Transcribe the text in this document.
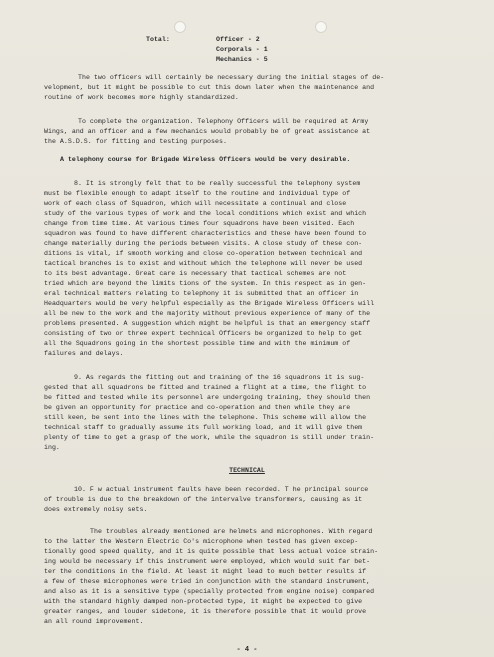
Total:	Officer - 2
Corporals - 1
Mechanics - 5
The two officers will certainly be necessary during the initial stages of de-
velopment, but it might be possible to cut this down later when the maintenance and
routine of work becomes more highly standardized.
To complete the organization. Telephony Officers will be required at Army
Wings, and an officer and a few mechanics would probably be of great assistance at
the A.S.D.S. for fitting and testing purposes.
A telephony course for Brigade Wireless Officers would be very desirable.
8. It is strongly felt that to be really successful the telephony system
must be flexible enough to adapt itself to the routine and individual type of
work of each class of Squadron, which will necessitate a continual and close
study of the various types of work and the local conditions which exist and which
change from time time. At various times four squadrons have been visited. Each
squadron was found to have different characteristics and these have been found to
change materially during the periods between visits. A close study of these con-
ditions is vital, if smooth working and close co-operation between technical and
tactical branches is to exist and without which the telephone will never be used
to its best advantage. Great care is necessary that tactical schemes are not
tried which are beyond the limits tions of the system. In this respect as in gen-
eral technical matters relating to telephony it is submitted that an officer in
Headquarters would be very helpful especially as the Brigade Wireless Officers will
all be new to the work and the majority without previous experience of many of the
problems presented. A suggestion which might be helpful is that an emergency staff
consisting of two or three expert technical Officers be organized to help to get
all the Squadrons going in the shortest possible time and with the minimum of
failures and delays.
9. As regards the fitting out and training of the 16 squadrons it is sug-
gested that all squadrons be fitted and trained a flight at a time, the flight to
be fitted and tested while its personnel are undergoing training, they should then
be given an opportunity for practice and co-operation and then while they are
still keen, be sent into the lines with the telephone. This scheme will allow the
technical staff to gradually assume its full working load, and it will give them
plenty of time to get a grasp of the work, while the squadron is still under train-
ing.
TECHNICAL
10. F w actual instrument faults have been recorded. T he principal source
of trouble is due to the breakdown of the intervalve transformers, causing as it
does extremely noisy sets.
The troubles already mentioned are helmets and microphones. With regard
to the latter the Western Electric Co's microphone when tested has given excep-
tionally good speed quality, and it is quite possible that less actual voice strain-
ing would be necessary if this instrument were employed, which would suit far bet-
ter the conditions in the field. At least it might lead to much better results if
a few of these microphones were tried in conjunction with the standard instrument,
and also as it is a sensitive type (specially protected from engine noise) compared
with the standard highly damped non-protected type, it might be expected to give
greater ranges, and louder sidetone, it is therefore possible that it would prove
an all round improvement.
- 4 -
